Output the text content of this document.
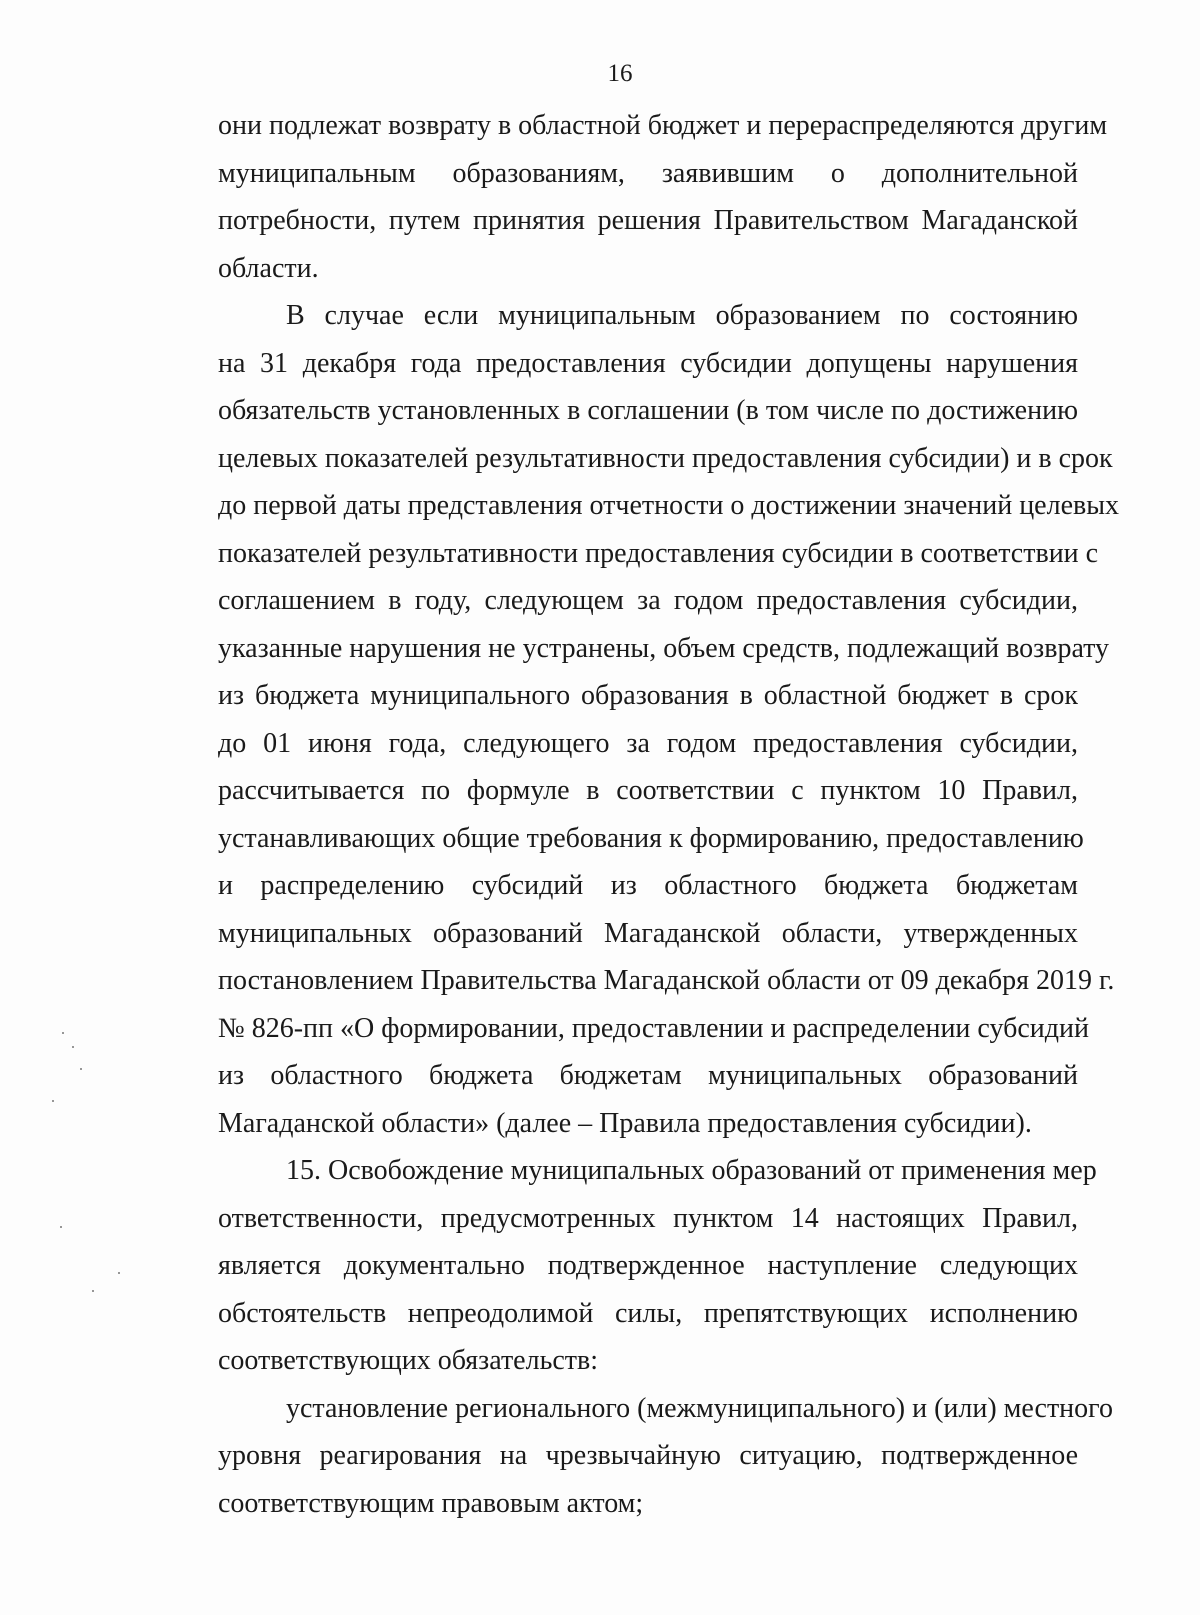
16
они подлежат возврату в областной бюджет и перераспределяются другим
муниципальным образованиям, заявившим о дополнительной
потребности, путем принятия решения Правительством Магаданской
области.
В случае если муниципальным образованием по состоянию
на 31 декабря года предоставления субсидии допущены нарушения
обязательств установленных в соглашении (в том числе по достижению
целевых показателей результативности предоставления субсидии) и в срок
до первой даты представления отчетности о достижении значений целевых
показателей результативности предоставления субсидии в соответствии с
соглашением в году, следующем за годом предоставления субсидии,
указанные нарушения не устранены, объем средств, подлежащий возврату
из бюджета муниципального образования в областной бюджет в срок
до 01 июня года, следующего за годом предоставления субсидии,
рассчитывается по формуле в соответствии с пунктом 10 Правил,
устанавливающих общие требования к формированию, предоставлению
и распределению субсидий из областного бюджета бюджетам
муниципальных образований Магаданской области, утвержденных
постановлением Правительства Магаданской области от 09 декабря 2019 г.
№ 826-пп «О формировании, предоставлении и распределении субсидий
из областного бюджета бюджетам муниципальных образований
Магаданской области» (далее – Правила предоставления субсидии).
15. Освобождение муниципальных образований от применения мер
ответственности, предусмотренных пунктом 14 настоящих Правил,
является документально подтвержденное наступление следующих
обстоятельств непреодолимой силы, препятствующих исполнению
соответствующих обязательств:
установление регионального (межмуниципального) и (или) местного
уровня реагирования на чрезвычайную ситуацию, подтвержденное
соответствующим правовым актом;
